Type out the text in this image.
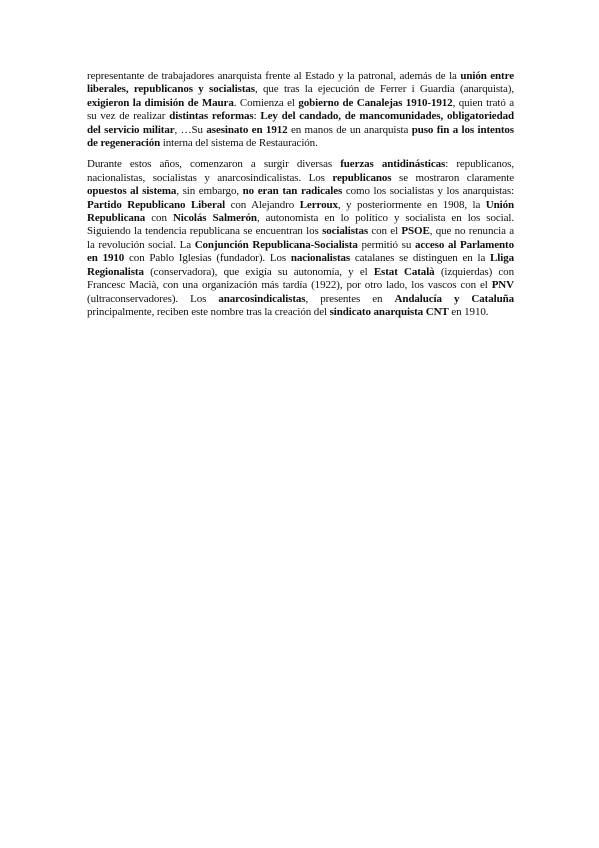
representante de trabajadores anarquista frente al Estado y la patronal, además de la unión entre liberales, republicanos y socialistas, que tras la ejecución de Ferrer i Guardia (anarquista), exigieron la dimisión de Maura. Comienza el gobierno de Canalejas 1910-1912, quien trató a su vez de realizar distintas reformas: Ley del candado, de mancomunidades, obligatoriedad del servicio militar, …Su asesinato en 1912 en manos de un anarquista puso fin a los intentos de regeneración interna del sistema de Restauración.

Durante estos años, comenzaron a surgir diversas fuerzas antidinásticas: republicanos, nacionalistas, socialistas y anarcosindicalistas. Los republicanos se mostraron claramente opuestos al sistema, sin embargo, no eran tan radicales como los socialistas y los anarquistas: Partido Republicano Liberal con Alejandro Lerroux, y posteriormente en 1908, la Unión Republicana con Nicolás Salmerón, autonomista en lo político y socialista en los social. Siguiendo la tendencia republicana se encuentran los socialistas con el PSOE, que no renuncia a la revolución social. La Conjunción Republicana-Socialista permitió su acceso al Parlamento en 1910 con Pablo Iglesias (fundador). Los nacionalistas catalanes se distinguen en la Lliga Regionalista (conservadora), que exigía su autonomía, y el Estat Català (izquierdas) con Francesc Macià, con una organización más tardía (1922), por otro lado, los vascos con el PNV (ultraconservadores). Los anarcosindicalistas, presentes en Andalucía y Cataluña principalmente, reciben este nombre tras la creación del sindicato anarquista CNT en 1910.
